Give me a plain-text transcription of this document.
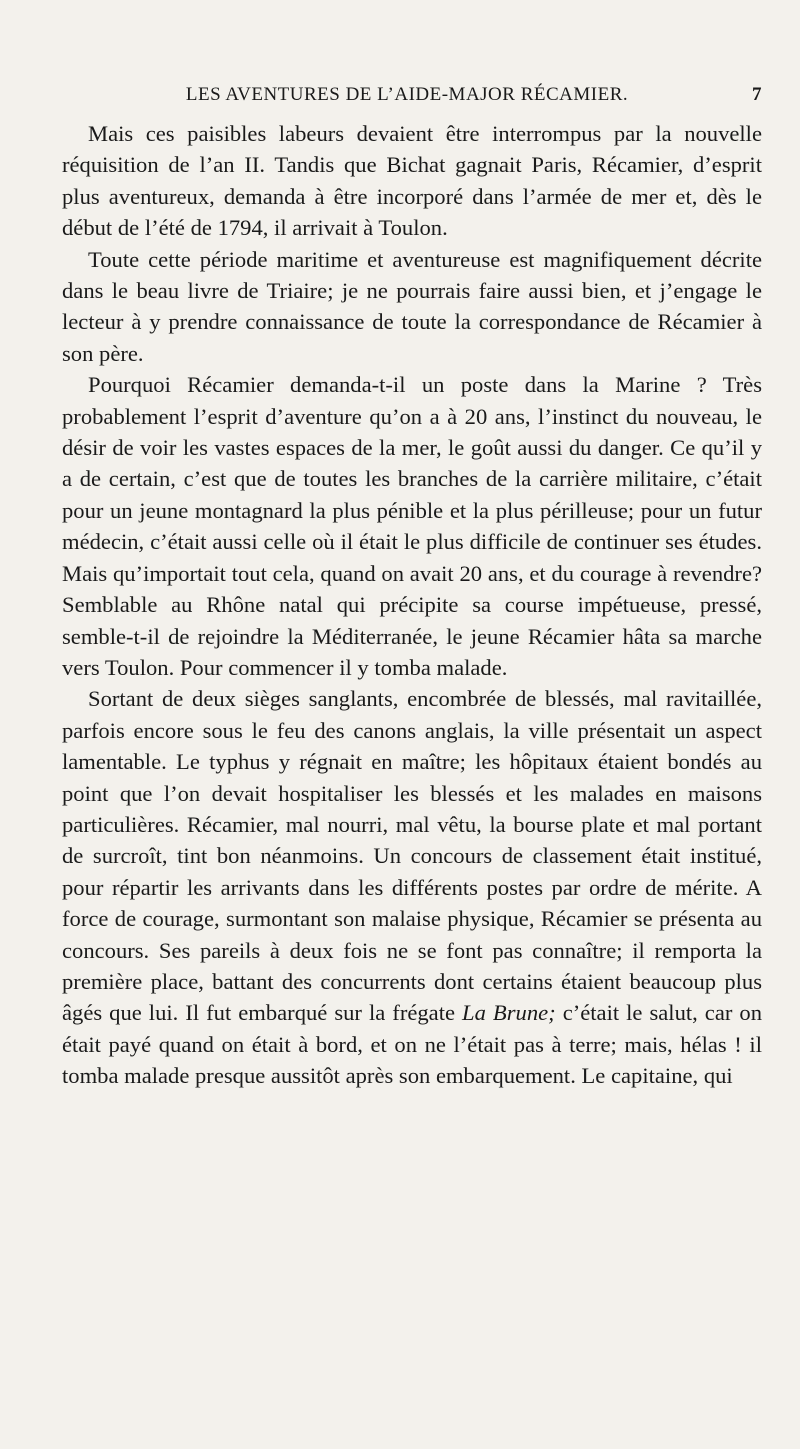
LES AVENTURES DE L’AIDE-MAJOR RÉCAMIER.	7

Mais ces paisibles labeurs devaient être interrompus par la nouvelle réquisition de l’an II. Tandis que Bichat gagnait Paris, Récamier, d’esprit plus aventureux, demanda à être incorporé dans l’armée de mer et, dès le début de l’été de 1794, il arrivait à Toulon.

Toute cette période maritime et aventureuse est magnifiquement décrite dans le beau livre de Triaire; je ne pourrais faire aussi bien, et j’engage le lecteur à y prendre connaissance de toute la correspondance de Récamier à son père.

Pourquoi Récamier demanda-t-il un poste dans la Marine ? Très probablement l’esprit d’aventure qu’on a à 20 ans, l’instinct du nouveau, le désir de voir les vastes espaces de la mer, le goût aussi du danger. Ce qu’il y a de certain, c’est que de toutes les branches de la carrière militaire, c’était pour un jeune montagnard la plus pénible et la plus périlleuse; pour un futur médecin, c’était aussi celle où il était le plus difficile de continuer ses études. Mais qu’importait tout cela, quand on avait 20 ans, et du courage à revendre? Semblable au Rhône natal qui précipite sa course impétueuse, pressé, semble-t-il de rejoindre la Méditerranée, le jeune Récamier hâta sa marche vers Toulon. Pour commencer il y tomba malade.

Sortant de deux sièges sanglants, encombrée de blessés, mal ravitaillée, parfois encore sous le feu des canons anglais, la ville présentait un aspect lamentable. Le typhus y régnait en maître; les hôpitaux étaient bondés au point que l’on devait hospitaliser les blessés et les malades en maisons particulières. Récamier, mal nourri, mal vêtu, la bourse plate et mal portant de surcroît, tint bon néanmoins. Un concours de classement était institué, pour répartir les arrivants dans les différents postes par ordre de mérite. A force de courage, surmontant son malaise physique, Récamier se présenta au concours. Ses pareils à deux fois ne se font pas connaître; il remporta la première place, battant des concurrents dont certains étaient beaucoup plus âgés que lui. Il fut embarqué sur la frégate La Brune; c’était le salut, car on était payé quand on était à bord, et on ne l’était pas à terre; mais, hélas ! il tomba malade presque aussitôt après son embarquement. Le capitaine, qui
